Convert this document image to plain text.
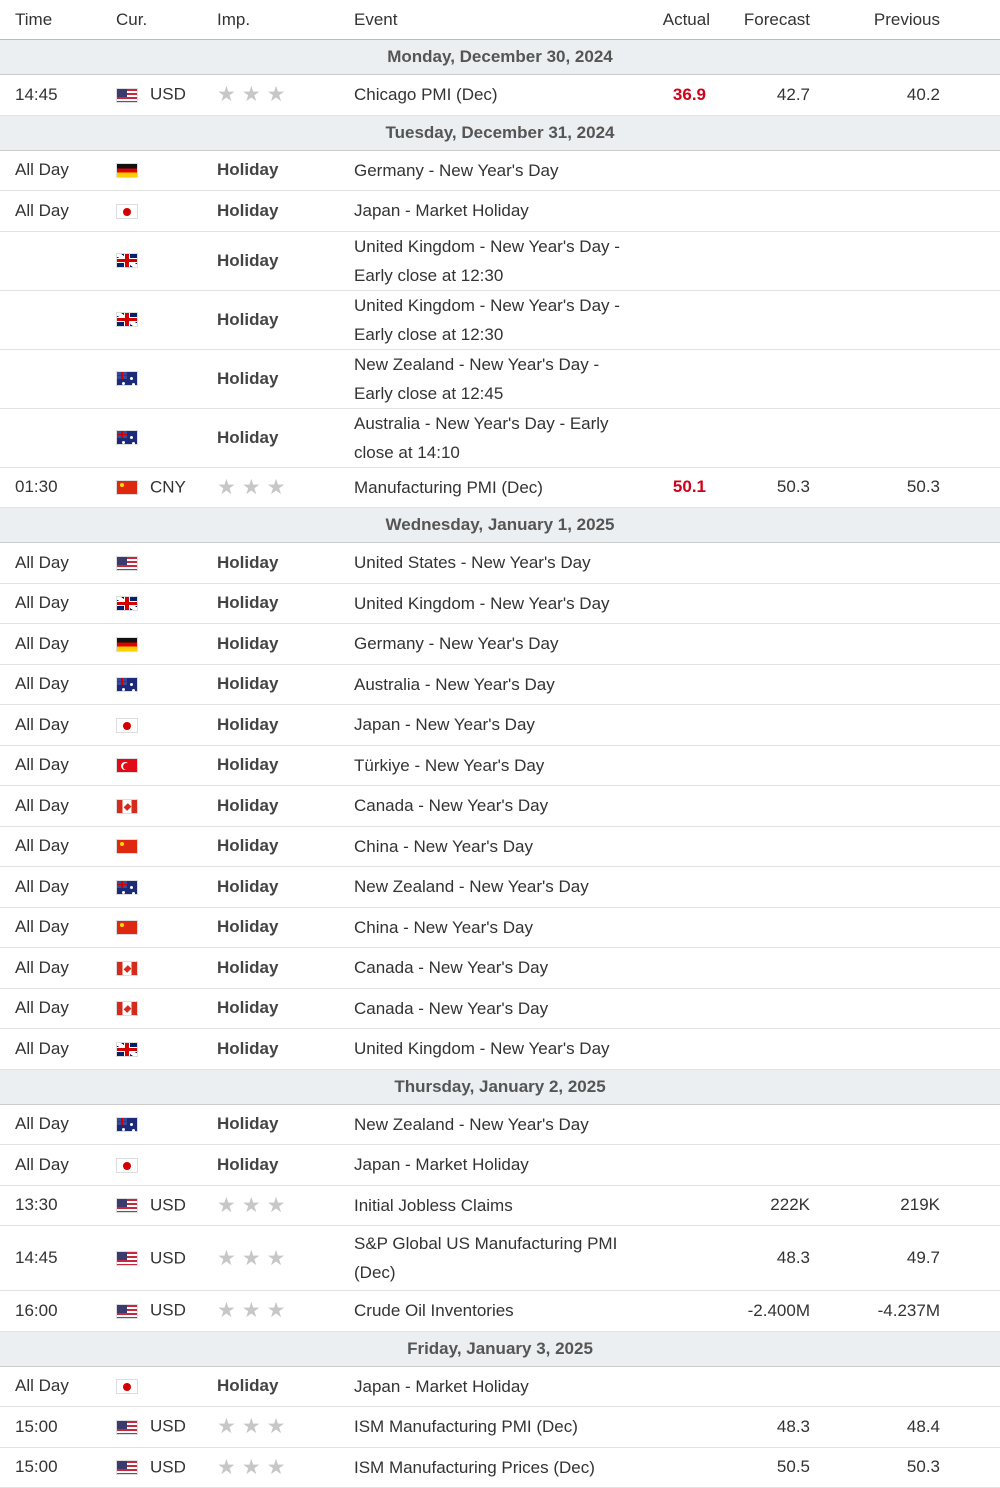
Time	Cur.	Imp.	Event	Actual	Forecast	Previous
Monday, December 30, 2024						
14:45	USD	★★★	Chicago PMI (Dec)	36.9	42.7	40.2
Tuesday, December 31, 2024						
All Day		Holiday	Germany - New Year's Day			
All Day		Holiday	Japan - Market Holiday			
		Holiday	United Kingdom - New Year's Day - Early close at 12:30			
		Holiday	United Kingdom - New Year's Day - Early close at 12:30			
		Holiday	New Zealand - New Year's Day - Early close at 12:45			
		Holiday	Australia - New Year's Day - Early close at 14:10			
01:30	CNY	★★★	Manufacturing PMI (Dec)	50.1	50.3	50.3
Wednesday, January 1, 2025						
All Day		Holiday	United States - New Year's Day			
All Day		Holiday	United Kingdom - New Year's Day			
All Day		Holiday	Germany - New Year's Day			
All Day		Holiday	Australia - New Year's Day			
All Day		Holiday	Japan - New Year's Day			
All Day		Holiday	Türkiye - New Year's Day			
All Day		Holiday	Canada - New Year's Day			
All Day		Holiday	China - New Year's Day			
All Day		Holiday	New Zealand - New Year's Day			
All Day		Holiday	China - New Year's Day			
All Day		Holiday	Canada - New Year's Day			
All Day		Holiday	Canada - New Year's Day			
All Day		Holiday	United Kingdom - New Year's Day			
Thursday, January 2, 2025						
All Day		Holiday	New Zealand - New Year's Day			
All Day		Holiday	Japan - Market Holiday			
13:30	USD	★★★	Initial Jobless Claims		222K	219K
14:45	USD	★★★	S&P Global US Manufacturing PMI (Dec)		48.3	49.7
16:00	USD	★★★	Crude Oil Inventories		-2.400M	-4.237M
Friday, January 3, 2025						
All Day		Holiday	Japan - Market Holiday			
15:00	USD	★★★	ISM Manufacturing PMI (Dec)		48.3	48.4
15:00	USD	★★★	ISM Manufacturing Prices (Dec)		50.5	50.3
